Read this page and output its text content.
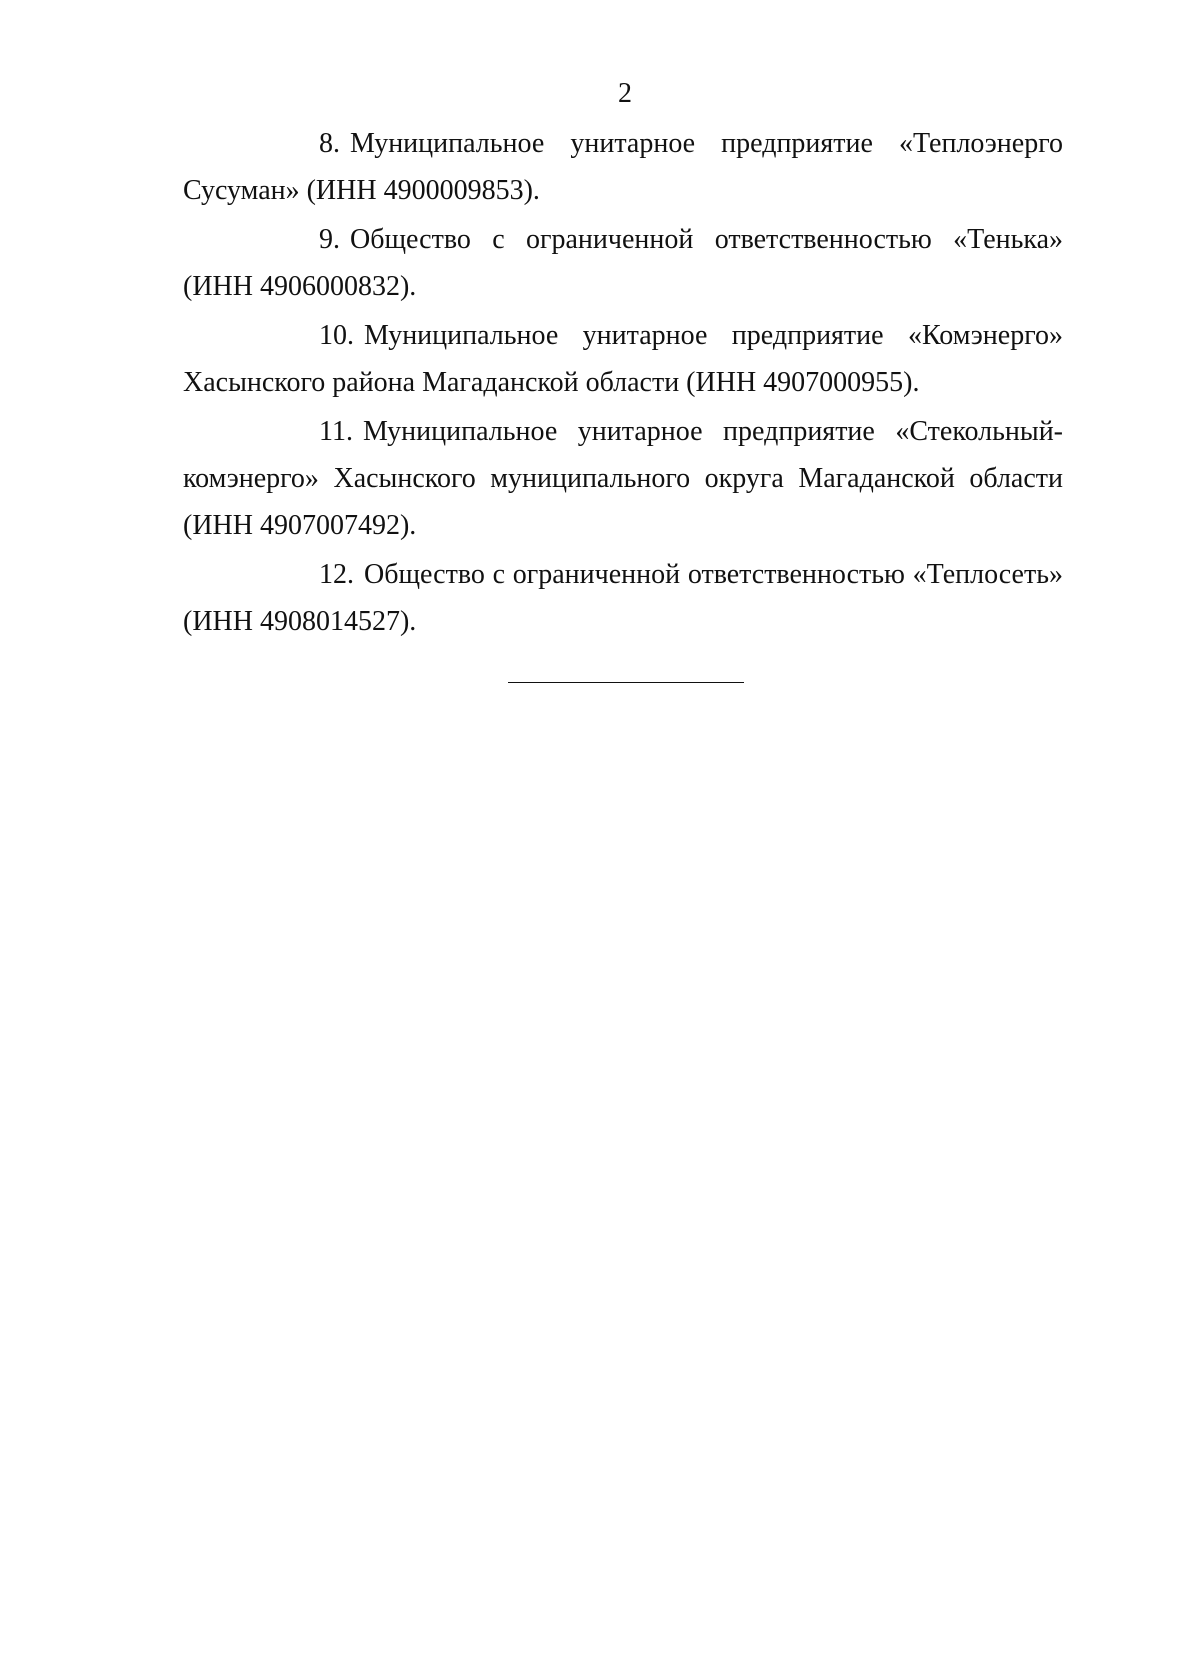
2

8. Муниципальное унитарное предприятие «Теплоэнерго Сусуман» (ИНН 4900009853).

9. Общество с ограниченной ответственностью «Тенька» (ИНН 4906000832).

10. Муниципальное унитарное предприятие «Комэнерго» Хасынского района Магаданской области (ИНН 4907000955).

11. Муниципальное унитарное предприятие «Стекольный-комэнерго» Хасынского муниципального округа Магаданской области (ИНН 4907007492).

12. Общество с ограниченной ответственностью «Теплосеть» (ИНН 4908014527).
